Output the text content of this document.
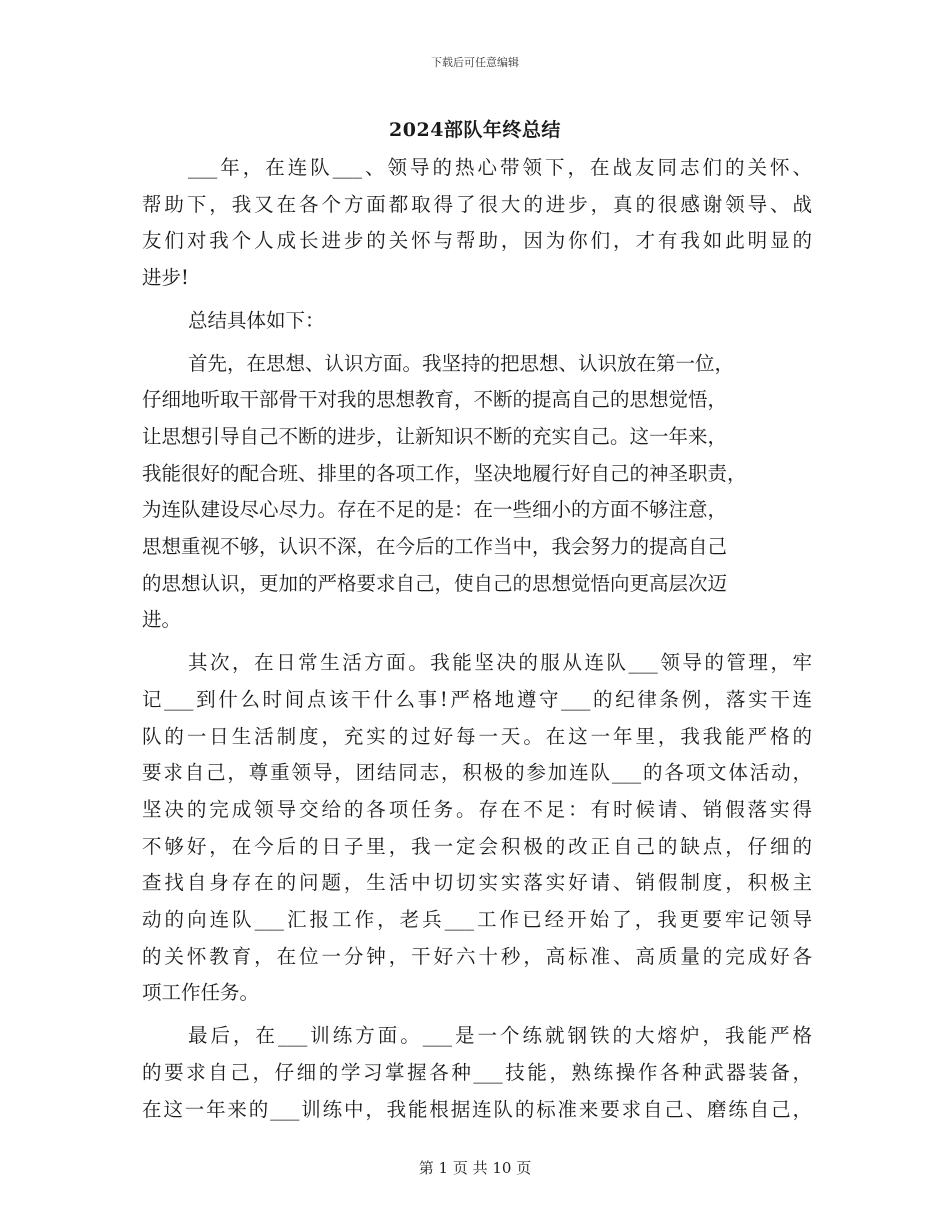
下载后可任意编辑
2024部队年终总结
___年，在连队___、领导的热心带领下，在战友同志们的关怀、
帮助下，我又在各个方面都取得了很大的进步，真的很感谢领导、战
友们对我个人成长进步的关怀与帮助，因为你们，才有我如此明显的
进步!
总结具体如下：
首先，在思想、认识方面。我坚持的把思想、认识放在第一位，
仔细地听取干部骨干对我的思想教育，不断的提高自己的思想觉悟，
让思想引导自己不断的进步，让新知识不断的充实自己。这一年来，
我能很好的配合班、排里的各项工作，坚决地履行好自己的神圣职责，
为连队建设尽心尽力。存在不足的是：在一些细小的方面不够注意，
思想重视不够，认识不深，在今后的工作当中，我会努力的提高自己
的思想认识，更加的严格要求自己，使自己的思想觉悟向更高层次迈
进。
其次，在日常生活方面。我能坚决的服从连队___领导的管理，牢
记___到什么时间点该干什么事!严格地遵守___的纪律条例，落实干连
队的一日生活制度，充实的过好每一天。在这一年里，我我能严格的
要求自己，尊重领导，团结同志，积极的参加连队___的各项文体活动，
坚决的完成领导交给的各项任务。存在不足：有时候请、销假落实得
不够好，在今后的日子里，我一定会积极的改正自己的缺点，仔细的
查找自身存在的问题，生活中切切实实落实好请、销假制度，积极主
动的向连队___汇报工作，老兵___工作已经开始了，我更要牢记领导
的关怀教育，在位一分钟，干好六十秒，高标准、高质量的完成好各
项工作任务。
最后，在___训练方面。___是一个练就钢铁的大熔炉，我能严格
的要求自己，仔细的学习掌握各种___技能，熟练操作各种武器装备，
在这一年来的___训练中，我能根据连队的标准来要求自己、磨练自己，
第 1 页 共 10 页
